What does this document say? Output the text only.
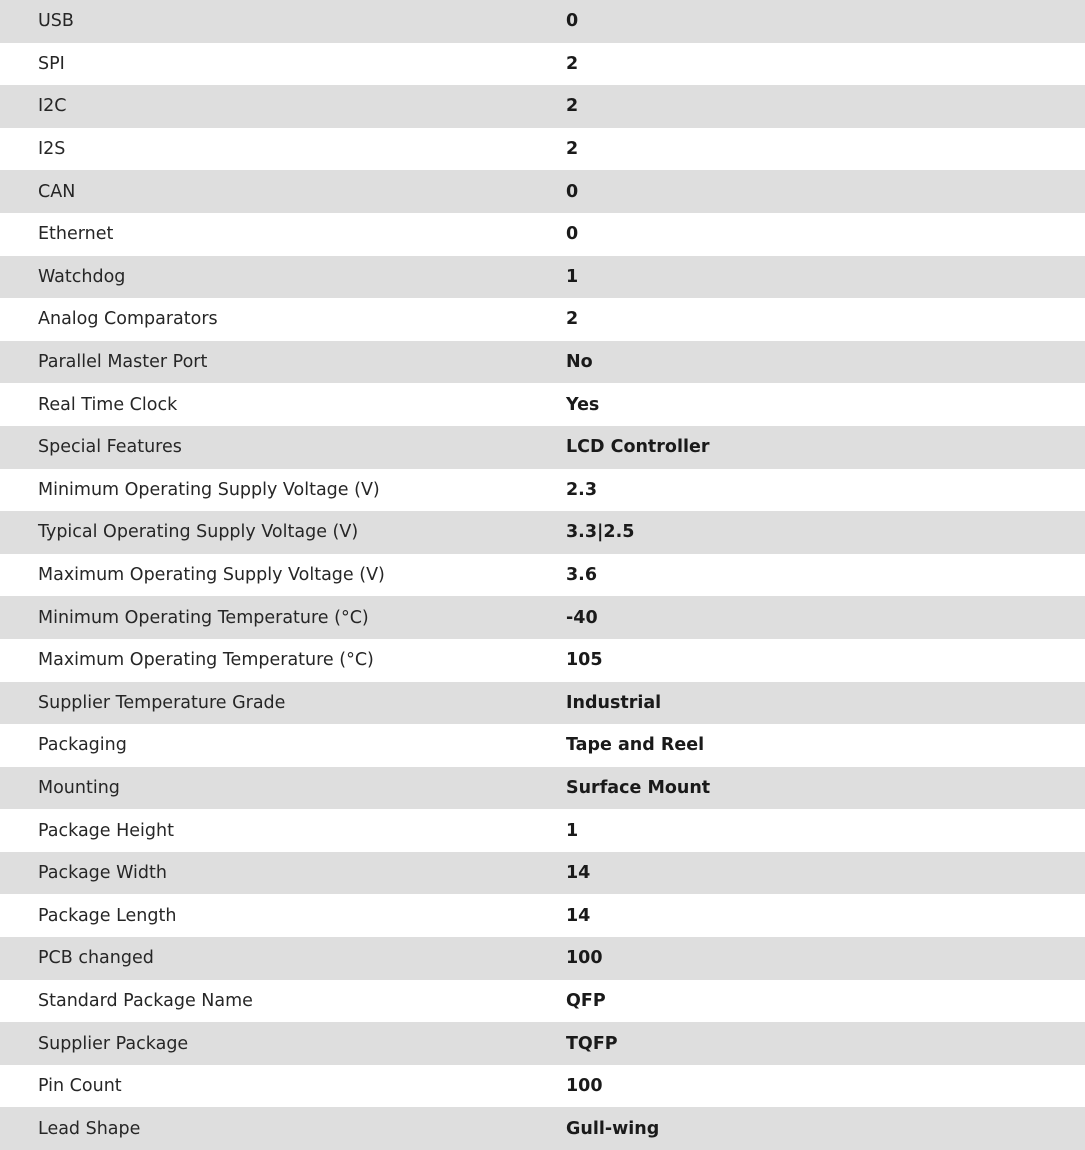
USB	0
SPI	2
I2C	2
I2S	2
CAN	0
Ethernet	0
Watchdog	1
Analog Comparators	2
Parallel Master Port	No
Real Time Clock	Yes
Special Features	LCD Controller
Minimum Operating Supply Voltage (V)	2.3
Typical Operating Supply Voltage (V)	3.3|2.5
Maximum Operating Supply Voltage (V)	3.6
Minimum Operating Temperature (°C)	-40
Maximum Operating Temperature (°C)	105
Supplier Temperature Grade	Industrial
Packaging	Tape and Reel
Mounting	Surface Mount
Package Height	1
Package Width	14
Package Length	14
PCB changed	100
Standard Package Name	QFP
Supplier Package	TQFP
Pin Count	100
Lead Shape	Gull-wing
